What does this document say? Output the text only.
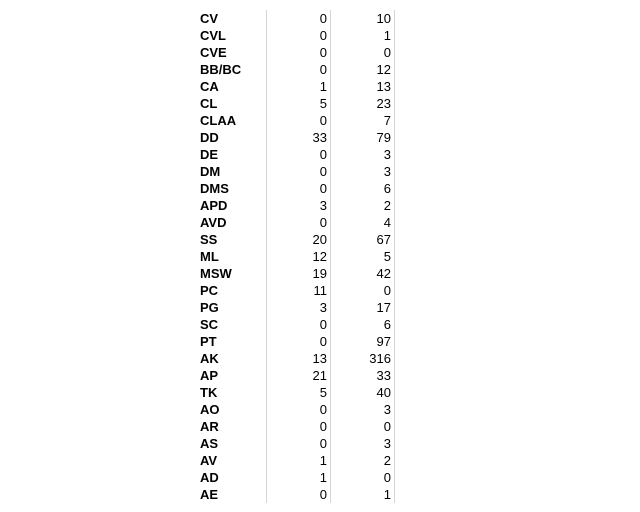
CV	0	10
CVL	0	1
CVE	0	0
BB/BC	0	12
CA	1	13
CL	5	23
CLAA	0	7
DD	33	79
DE	0	3
DM	0	3
DMS	0	6
APD	3	2
AVD	0	4
SS	20	67
ML	12	5
MSW	19	42
PC	11	0
PG	3	17
SC	0	6
PT	0	97
AK	13	316
AP	21	33
TK	5	40
AO	0	3
AR	0	0
AS	0	3
AV	1	2
AD	1	0
AE	0	1
